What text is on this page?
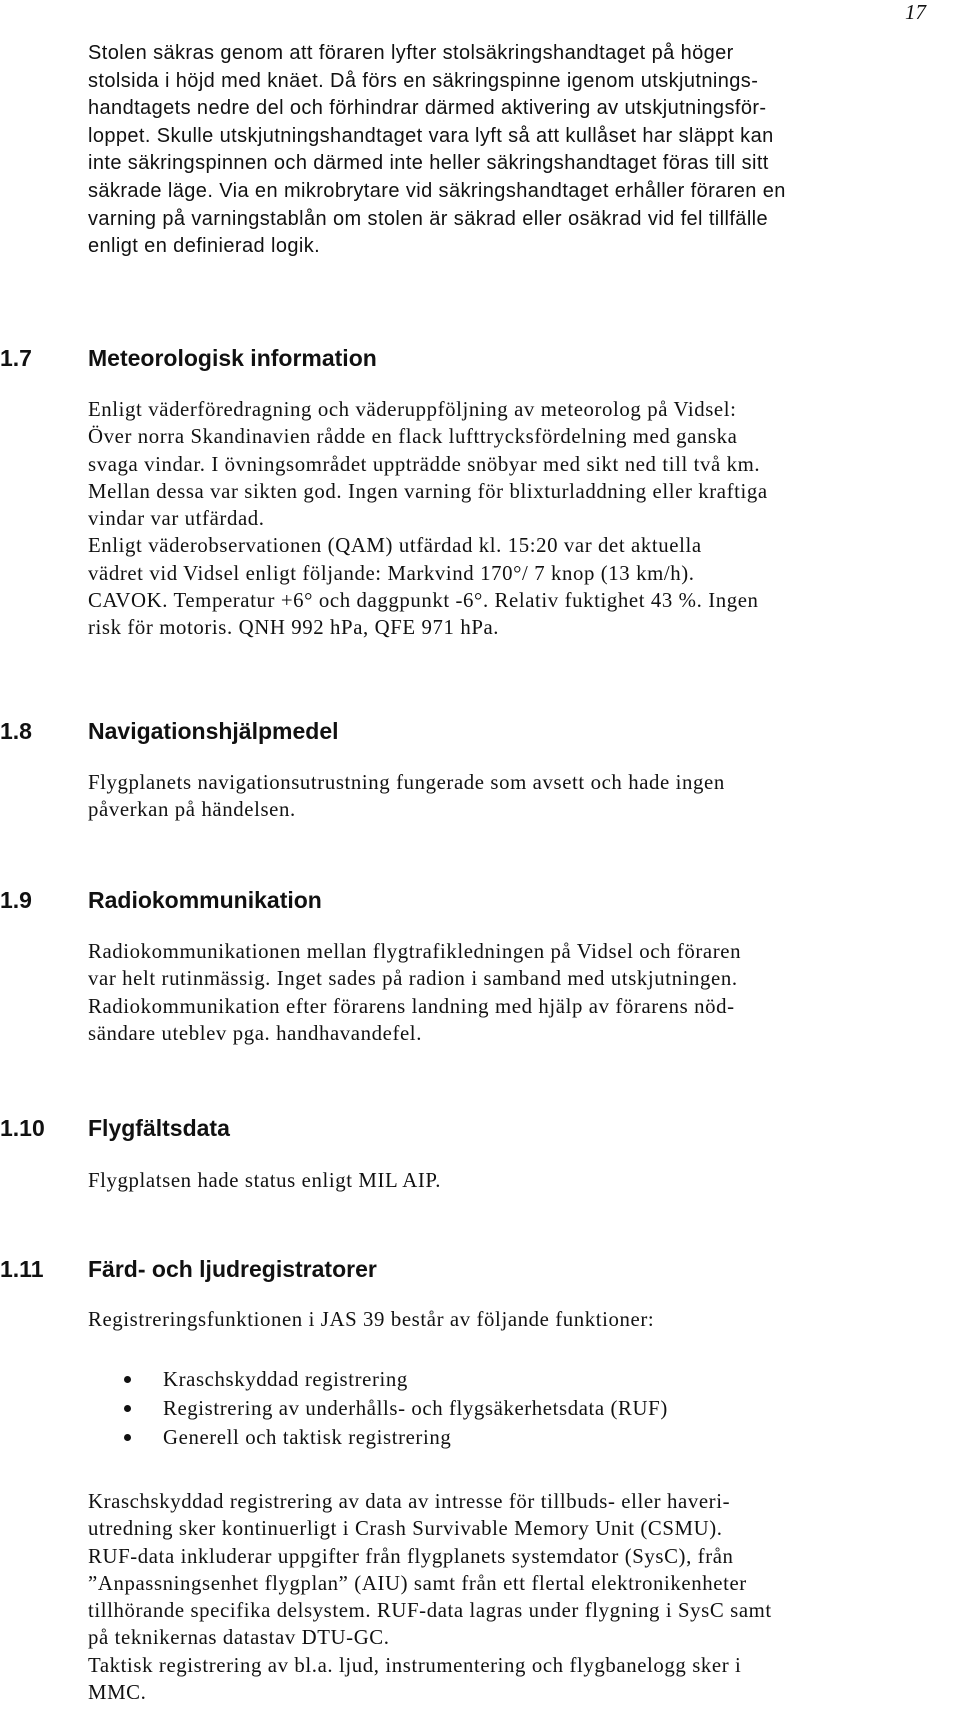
17

Stolen säkras genom att föraren lyfter stolsäkringshandtaget på höger
stolsida i höjd med knäet. Då förs en säkringspinne igenom utskjutnings-
handtagets nedre del och förhindrar därmed aktivering av utskjutningsför-
loppet. Skulle utskjutningshandtaget vara lyft så att kullåset har släppt kan
inte säkringspinnen och därmed inte heller säkringshandtaget föras till sitt
säkrade läge. Via en mikrobrytare vid säkringshandtaget erhåller föraren en
varning på varningstablån om stolen är säkrad eller osäkrad vid fel tillfälle
enligt en definierad logik.

1.7 Meteorologisk information

Enligt väderföredragning och väderuppföljning av meteorolog på Vidsel:
Över norra Skandinavien rådde en flack lufttrycksfördelning med ganska
svaga vindar. I övningsområdet uppträdde snöbyar med sikt ned till två km.
Mellan dessa var sikten god. Ingen varning för blixturladdning eller kraftiga
vindar var utfärdad.
Enligt väderobservationen (QAM) utfärdad kl. 15:20 var det aktuella
vädret vid Vidsel enligt följande: Markvind 170°/ 7 knop (13 km/h).
CAVOK. Temperatur +6° och daggpunkt -6°. Relativ fuktighet 43 %. Ingen
risk för motoris. QNH 992 hPa, QFE 971 hPa.

1.8 Navigationshjälpmedel

Flygplanets navigationsutrustning fungerade som avsett och hade ingen
påverkan på händelsen.

1.9 Radiokommunikation

Radiokommunikationen mellan flygtrafikledningen på Vidsel och föraren
var helt rutinmässig. Inget sades på radion i samband med utskjutningen.
Radiokommunikation efter förarens landning med hjälp av förarens nöd-
sändare uteblev pga. handhavandefel.

1.10 Flygfältsdata

Flygplatsen hade status enligt MIL AIP.

1.11 Färd- och ljudregistratorer

Registreringsfunktionen i JAS 39 består av följande funktioner:

Kraschskyddad registrering
Registrering av underhålls- och flygsäkerhetsdata (RUF)
Generell och taktisk registrering

Kraschskyddad registrering av data av intresse för tillbuds- eller haveri-
utredning sker kontinuerligt i Crash Survivable Memory Unit (CSMU).
RUF-data inkluderar uppgifter från flygplanets systemdator (SysC), från
”Anpassningsenhet flygplan” (AIU) samt från ett flertal elektronikenheter
tillhörande specifika delsystem. RUF-data lagras under flygning i SysC samt
på teknikernas datastav DTU-GC.
Taktisk registrering av bl.a. ljud, instrumentering och flygbanelogg sker i
MMC.
